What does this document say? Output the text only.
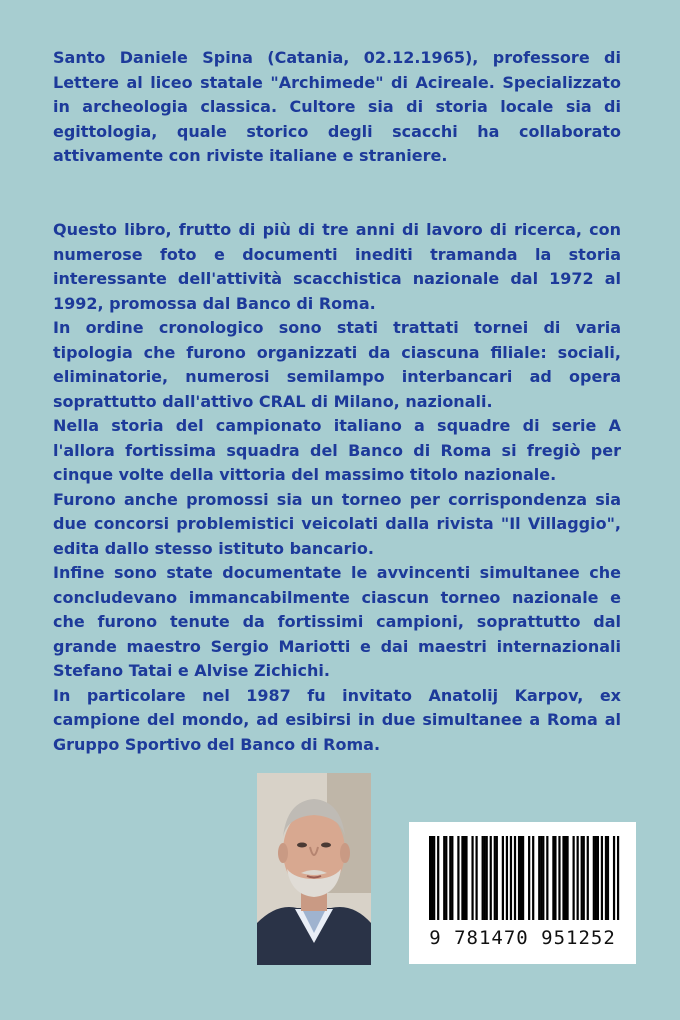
Santo Daniele Spina (Catania, 02.12.1965), professore di Lettere al liceo statale "Archimede" di Acireale. Specializzato in archeologia classica. Cultore sia di storia locale sia di egittologia, quale storico degli scacchi ha collaborato attivamente con riviste italiane e straniere.

Questo libro, frutto di più di tre anni di lavoro di ricerca, con numerose foto e documenti inediti tramanda la storia interessante dell'attività scacchistica nazionale dal 1972 al 1992, promossa dal Banco di Roma.

In ordine cronologico sono stati trattati tornei di varia tipologia che furono organizzati da ciascuna filiale: sociali, eliminatorie, numerosi semilampo interbancari ad opera soprattutto dall'attivo CRAL di Milano, nazionali.

Nella storia del campionato italiano a squadre di serie A l'allora fortissima squadra del Banco di Roma si fregiò per cinque volte della vittoria del massimo titolo nazionale.

Furono anche promossi sia un torneo per corrispondenza sia due concorsi problemistici veicolati dalla rivista "Il Villaggio", edita dallo stesso istituto bancario.

Infine sono state documentate le avvincenti simultanee che concludevano immancabilmente ciascun torneo nazionale e che furono tenute da fortissimi campioni, soprattutto dal grande maestro Sergio Mariotti e dai maestri internazionali Stefano Tatai e Alvise Zichichi.

In particolare nel 1987 fu invitato Anatolij Karpov, ex campione del mondo, ad esibirsi in due simultanee a Roma al Gruppo Sportivo del Banco di Roma.

9 781470 951252
